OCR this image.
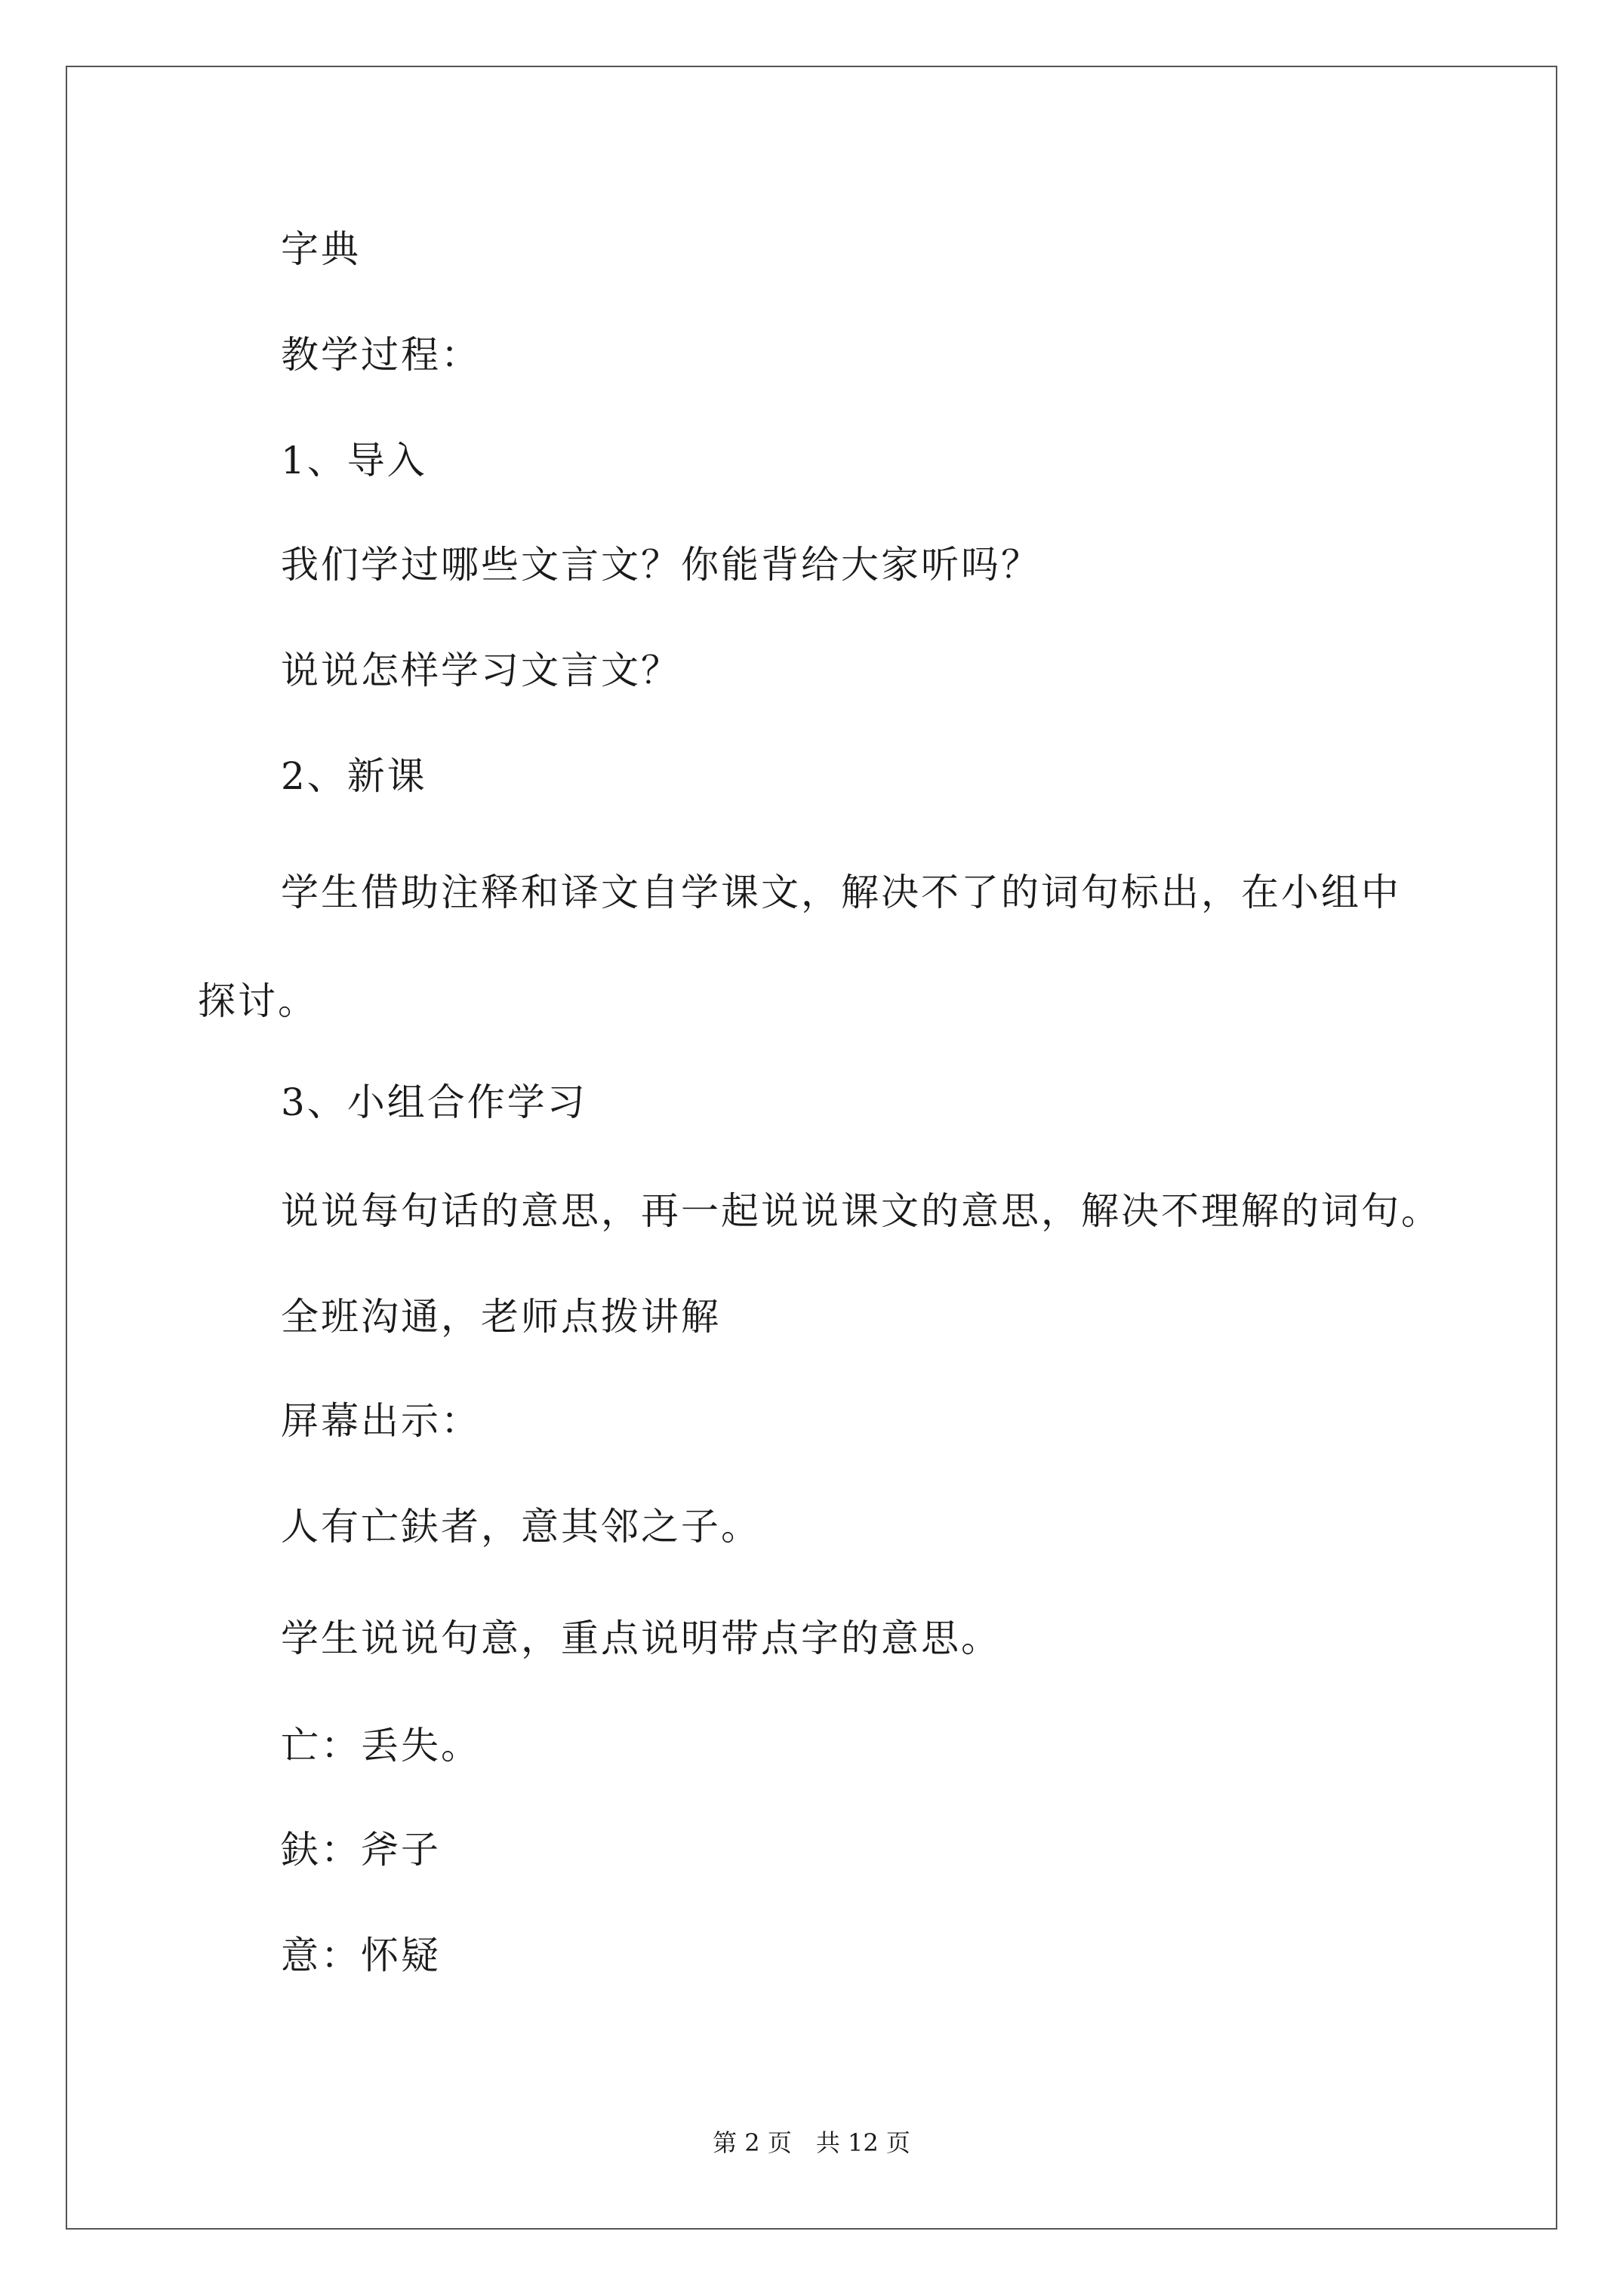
字典
教学过程：
1、导入
我们学过哪些文言文？你能背给大家听吗？
说说怎样学习文言文？
2、新课
学生借助注释和译文自学课文，解决不了的词句标出，在小组中
探讨。
3、小组合作学习
说说每句话的意思，再一起说说课文的意思，解决不理解的词句。
全班沟通，老师点拨讲解
屏幕出示：
人有亡鈇者，意其邻之子。
学生说说句意，重点说明带点字的意思。
亡：丢失。
鈇：斧子
意：怀疑
第 2 页　共 12 页
